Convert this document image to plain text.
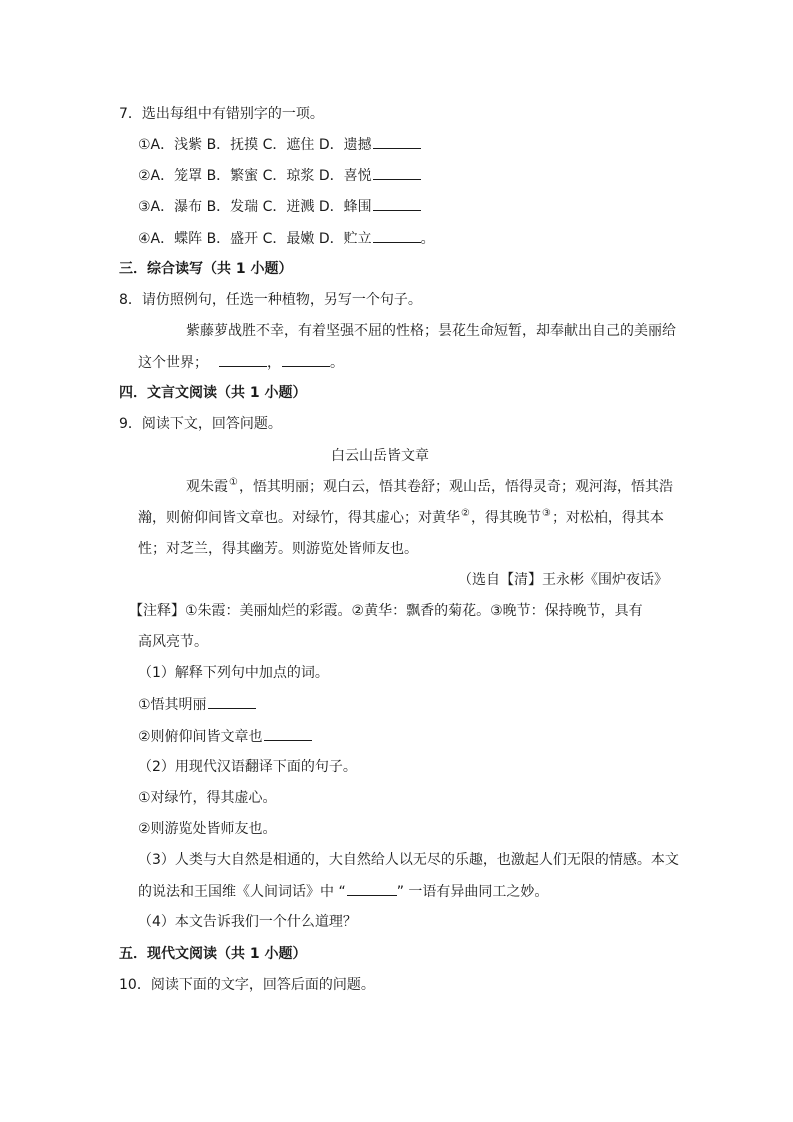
7．选出每组中有错别字的一项。
①A．浅紫 B．抚摸 C．遮住 D．遗撼
②A．笼罩 B．繁蜜 C．琼浆 D．喜悦
③A．瀑布 B．发瑞 C．迸溅 D．蜂围
④A．蝶阵 B．盛开 C．最嫩 D．贮立	。
三．综合读写（共 1 小题）
8．请仿照例句，任选一种植物，另写一个句子。
紫藤萝战胜不幸，有着坚强不屈的性格；昙花生命短暂，却奉献出自己的美丽给
这个世界；	，	。
四．文言文阅读（共 1 小题）
9．阅读下文，回答问题。
白云山岳皆文章
观朱霞①，悟其明丽；观白云，悟其卷舒；观山岳，悟得灵奇；观河海，悟其浩
瀚，则俯仰间皆文章也。对绿竹，得其虚心；对黄华②，得其晚节③；对松柏，得其本
性；对芝兰，得其幽芳。则游览处皆师友也。
（选自【清】王永彬《围炉夜话》
【注释】①朱霞：美丽灿烂的彩霞。②黄华：飘香的菊花。③晚节：保持晚节，具有
高风亮节。
（1）解释下列句中加点的词。
①悟其明丽
②则俯仰间皆文章也
（2）用现代汉语翻译下面的句子。
①对绿竹，得其虚心。
②则游览处皆师友也。
（3）人类与大自然是相通的，大自然给人以无尽的乐趣，也激起人们无限的情感。本文
的说法和王国维《人间词话》中 “	” 一语有异曲同工之妙。
（4）本文告诉我们一个什么道理？
五．现代文阅读（共 1 小题）
10．阅读下面的文字，回答后面的问题。
